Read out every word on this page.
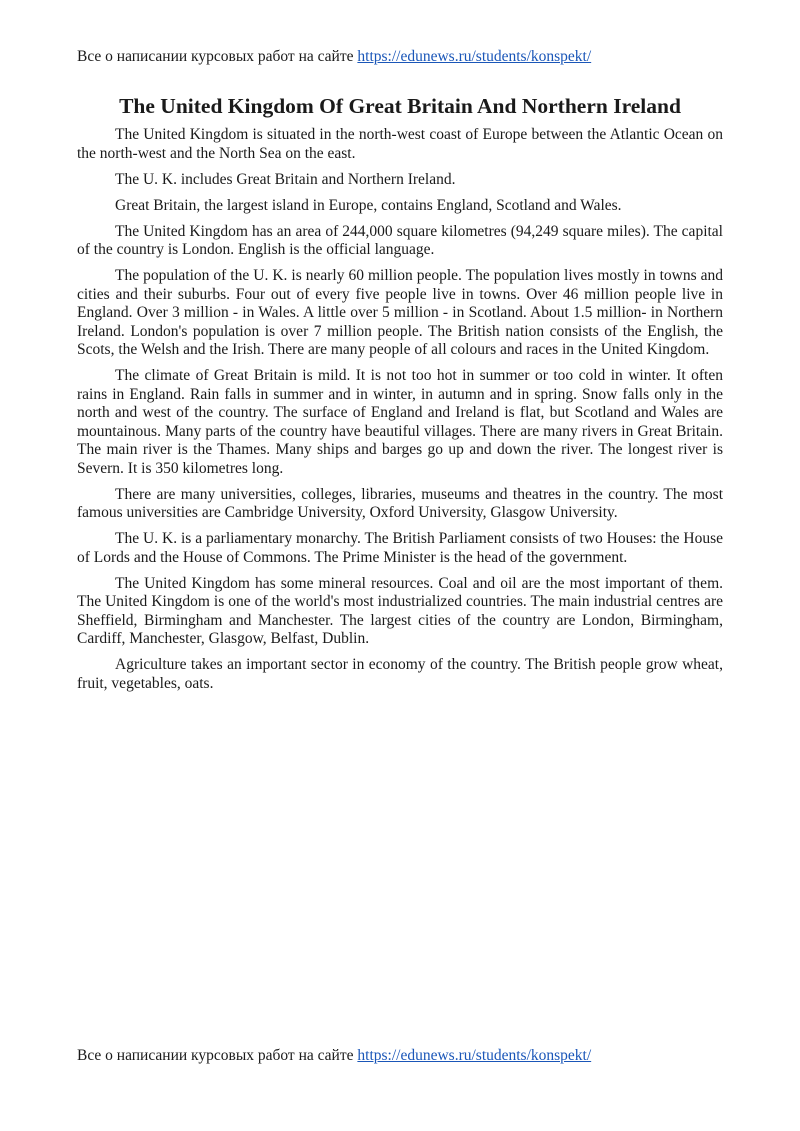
Все о написании курсовых работ на сайте https://edunews.ru/students/konspekt/
The United Kingdom Of Great Britain And Northern Ireland

The United Kingdom is situated in the north-west coast of Europe between the Atlantic Ocean on the north-west and the North Sea on the east.

The U. K. includes Great Britain and Northern Ireland.

Great Britain, the largest island in Europe, contains England, Scotland and Wales.

The United Kingdom has an area of 244,000 square kilometres (94,249 square miles). The capital of the country is London. English is the official language.

The population of the U. K. is nearly 60 million people. The population lives mostly in towns and cities and their suburbs. Four out of every five people live in towns. Over 46 million people live in England. Over 3 million - in Wales. A little over 5 million - in Scotland. About 1.5 million- in Northern Ireland. London's population is over 7 million people. The British nation consists of the English, the Scots, the Welsh and the Irish. There are many people of all colours and races in the United Kingdom.

The climate of Great Britain is mild. It is not too hot in summer or too cold in winter. It often rains in England. Rain falls in summer and in winter, in autumn and in spring. Snow falls only in the north and west of the country. The surface of England and Ireland is flat, but Scotland and Wales are mountainous. Many parts of the country have beautiful villages. There are many rivers in Great Britain. The main river is the Thames. Many ships and barges go up and down the river. The longest river is Severn. It is 350 kilometres long.

There are many universities, colleges, libraries, museums and theatres in the country. The most famous universities are Cambridge University, Oxford University, Glasgow University.

The U. K. is a parliamentary monarchy. The British Parliament consists of two Houses: the House of Lords and the House of Commons. The Prime Minister is the head of the government.

The United Kingdom has some mineral resources. Coal and oil are the most important of them. The United Kingdom is one of the world's most industrialized countries. The main industrial centres are Sheffield, Birmingham and Manchester. The largest cities of the country are London, Birmingham, Cardiff, Manchester, Glasgow, Belfast, Dublin.

Agriculture takes an important sector in economy of the country. The British people grow wheat, fruit, vegetables, oats.

Все о написании курсовых работ на сайте https://edunews.ru/students/konspekt/
